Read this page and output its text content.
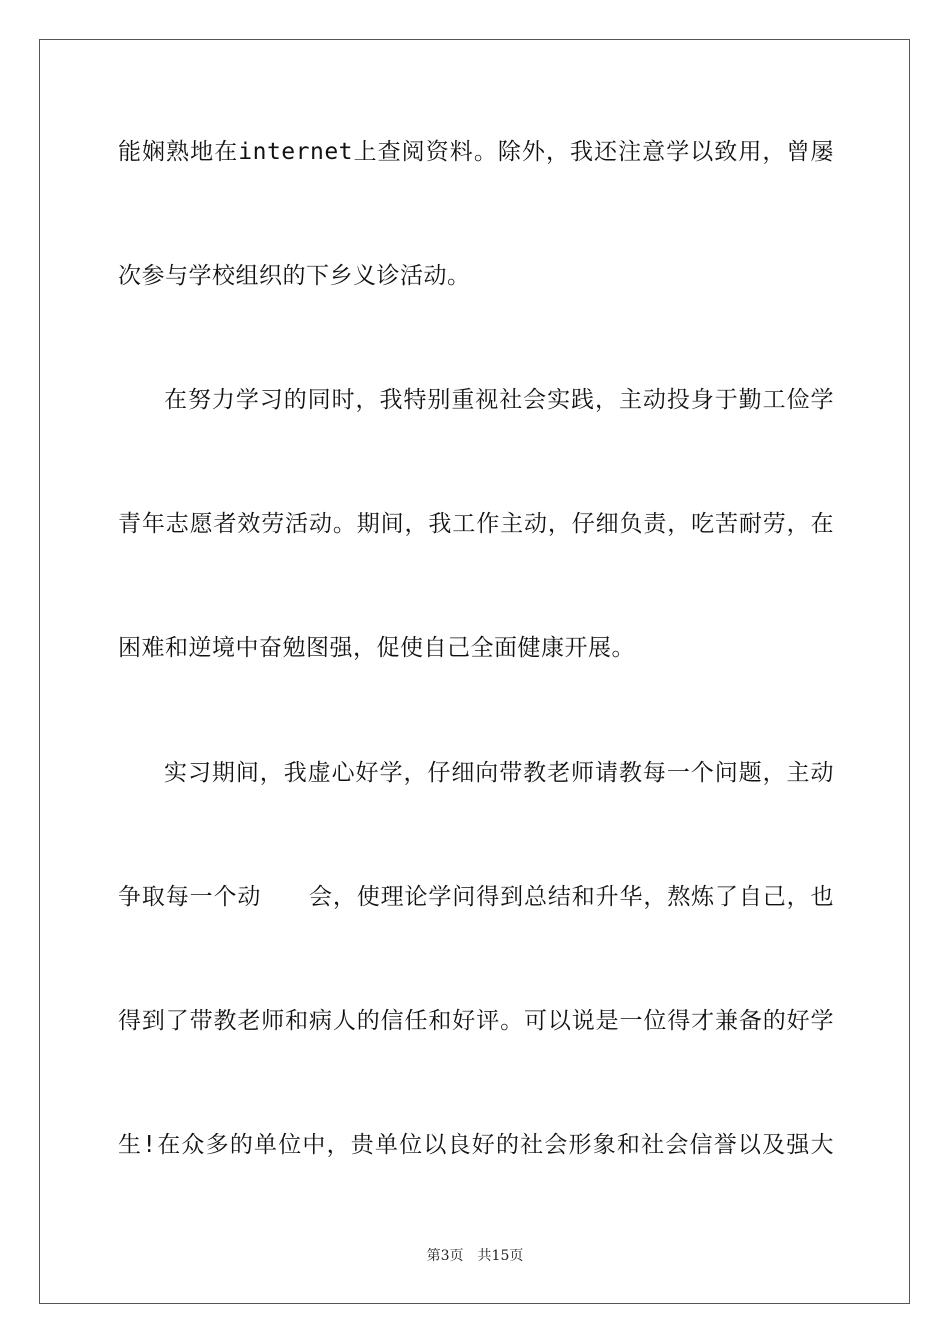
能娴熟地在internet上查阅资料。除外，我还注意学以致用，曾屡
次参与学校组织的下乡义诊活动。
在努力学习的同时，我特别重视社会实践，主动投身于勤工俭学
青年志愿者效劳活动。期间，我工作主动，仔细负责，吃苦耐劳，在
困难和逆境中奋勉图强，促使自己全面健康开展。
实习期间，我虚心好学，仔细向带教老师请教每一个问题，主动
争取每一个动　　会，使理论学问得到总结和升华，熬炼了自己，也
得到了带教老师和病人的信任和好评。可以说是一位得才兼备的好学
生!在众多的单位中，贵单位以良好的社会形象和社会信誉以及强大
第3页 共15页
